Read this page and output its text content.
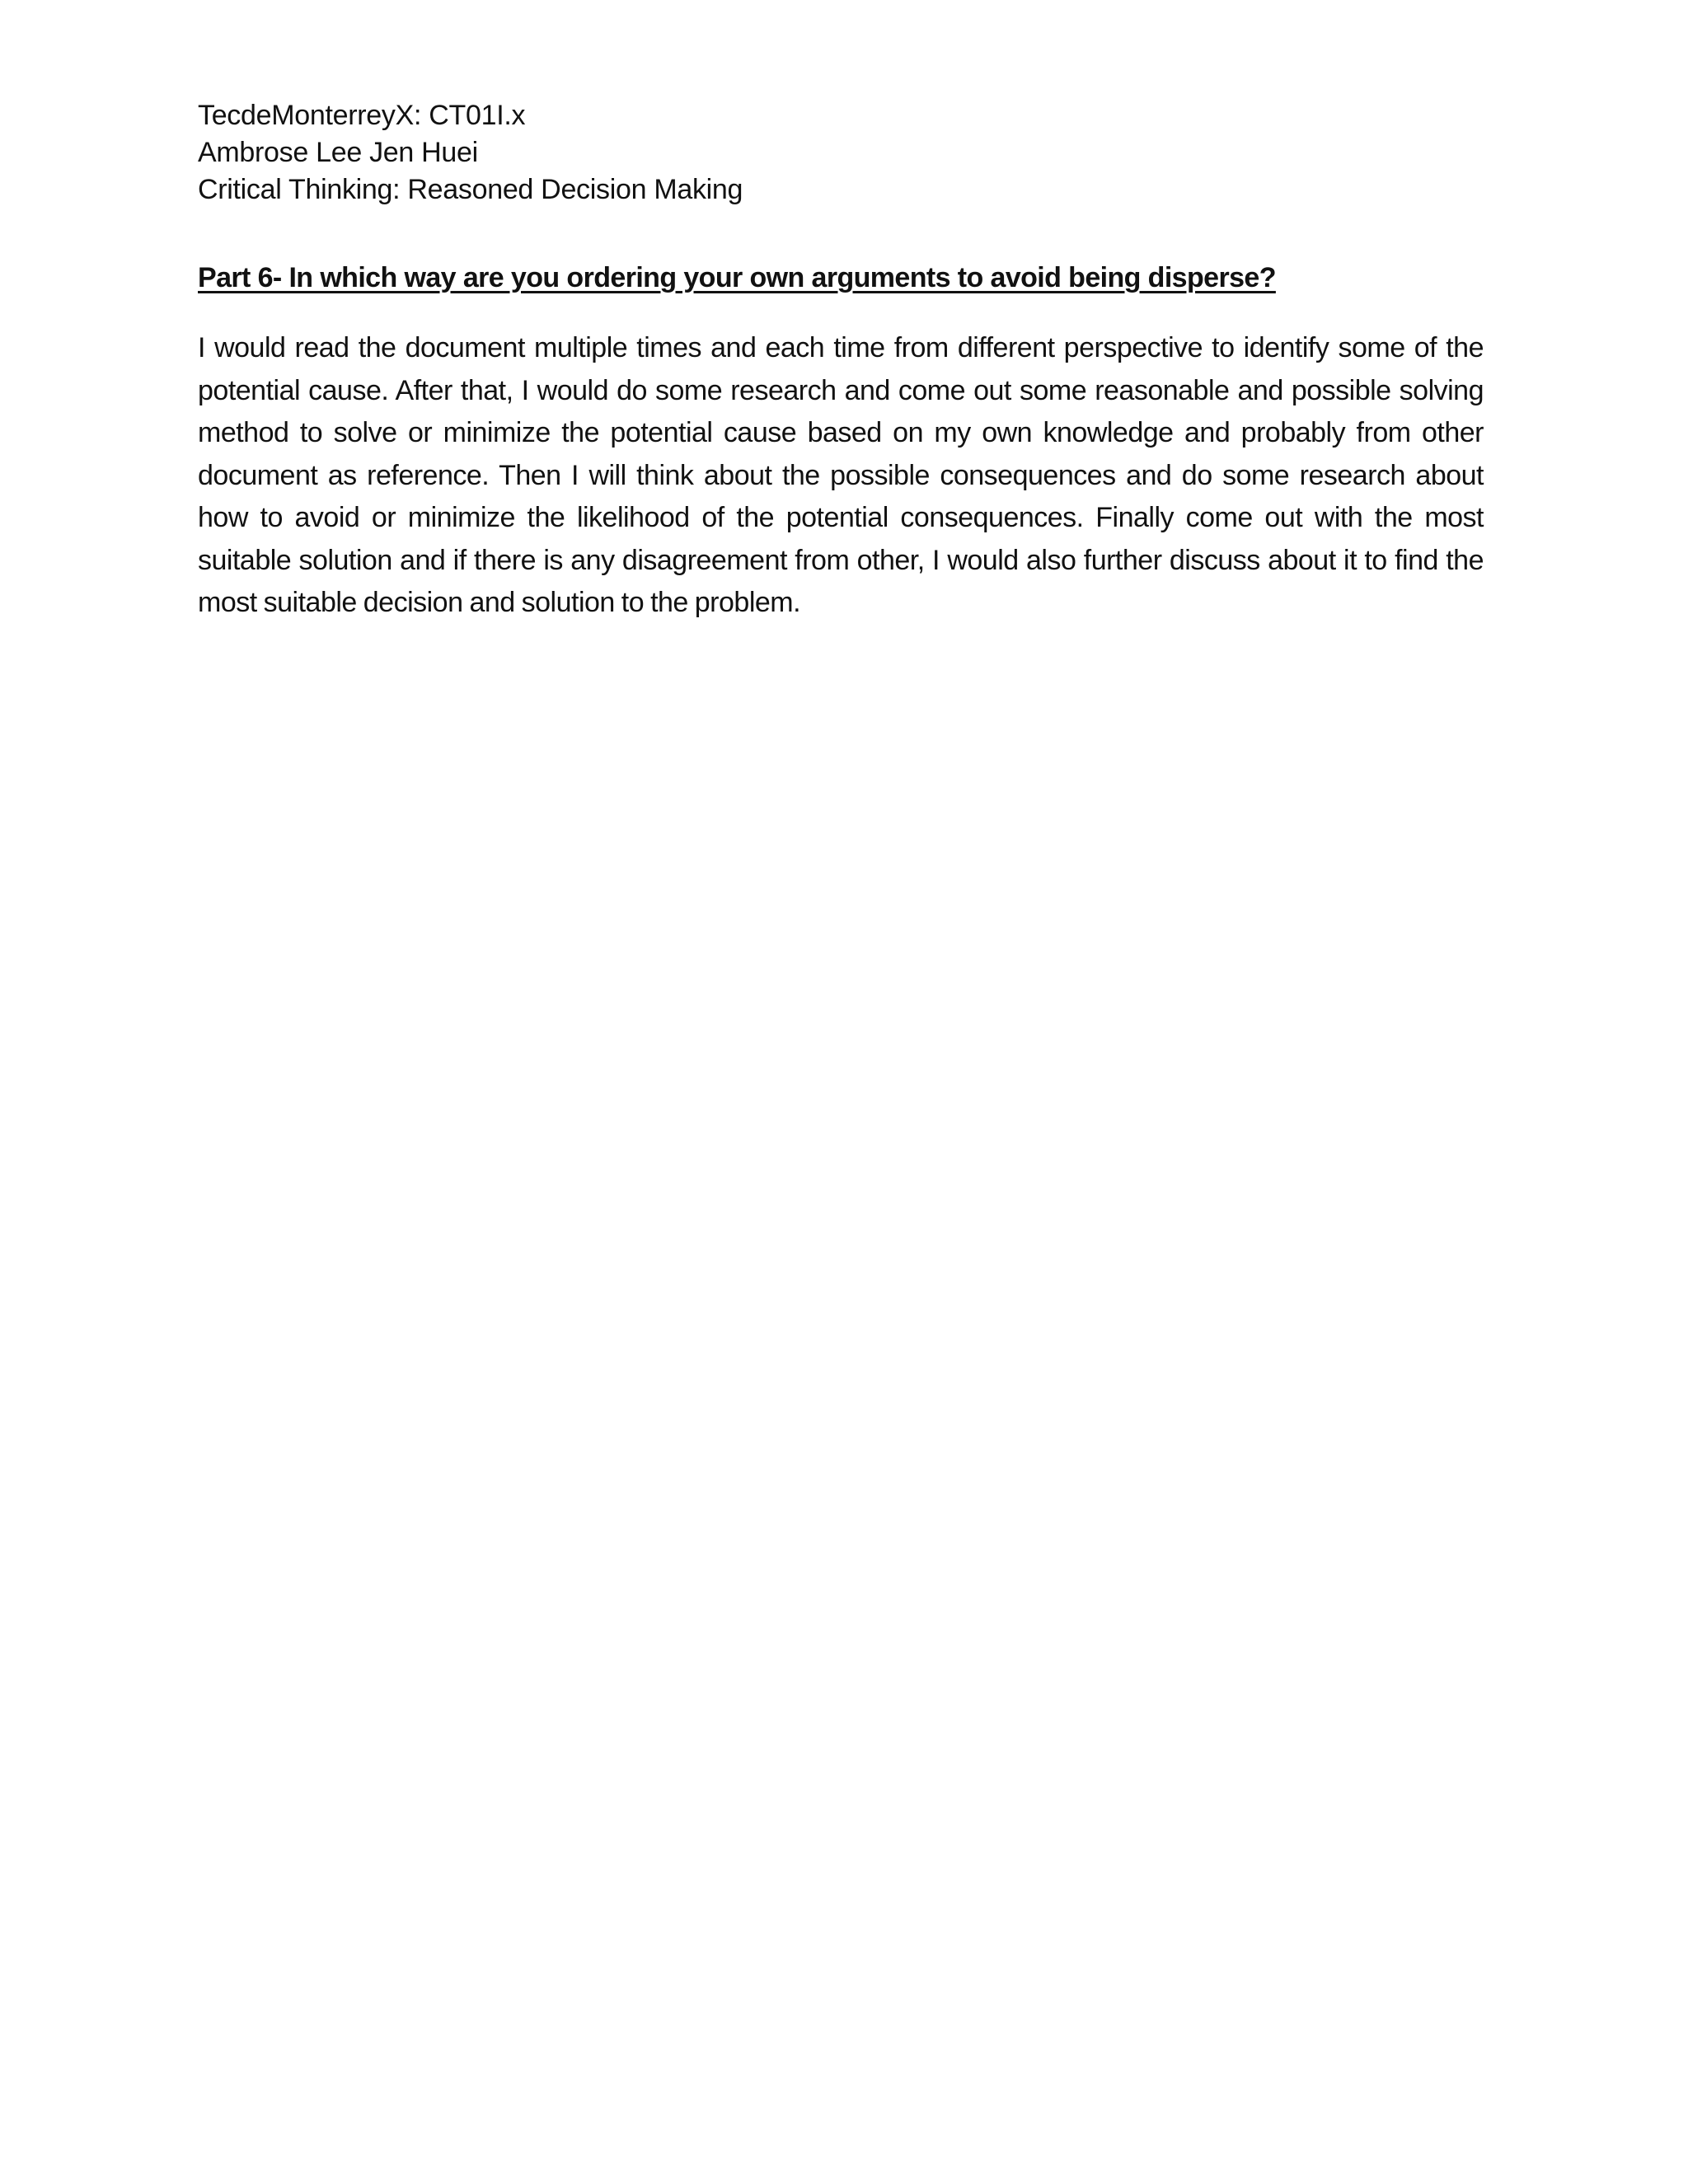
TecdeMonterreyX: CT01I.x
Ambrose Lee Jen Huei
Critical Thinking: Reasoned Decision Making
Part 6- In which way are you ordering your own arguments to avoid being disperse?
I would read the document multiple times and each time from different perspective to identify some of the potential cause. After that, I would do some research and come out some reasonable and possible solving method to solve or minimize the potential cause based on my own knowledge and probably from other document as reference. Then I will think about the possible consequences and do some research about how to avoid or minimize the likelihood of the potential consequences. Finally come out with the most suitable solution and if there is any disagreement from other, I would also further discuss about it to find the most suitable decision and solution to the problem.
